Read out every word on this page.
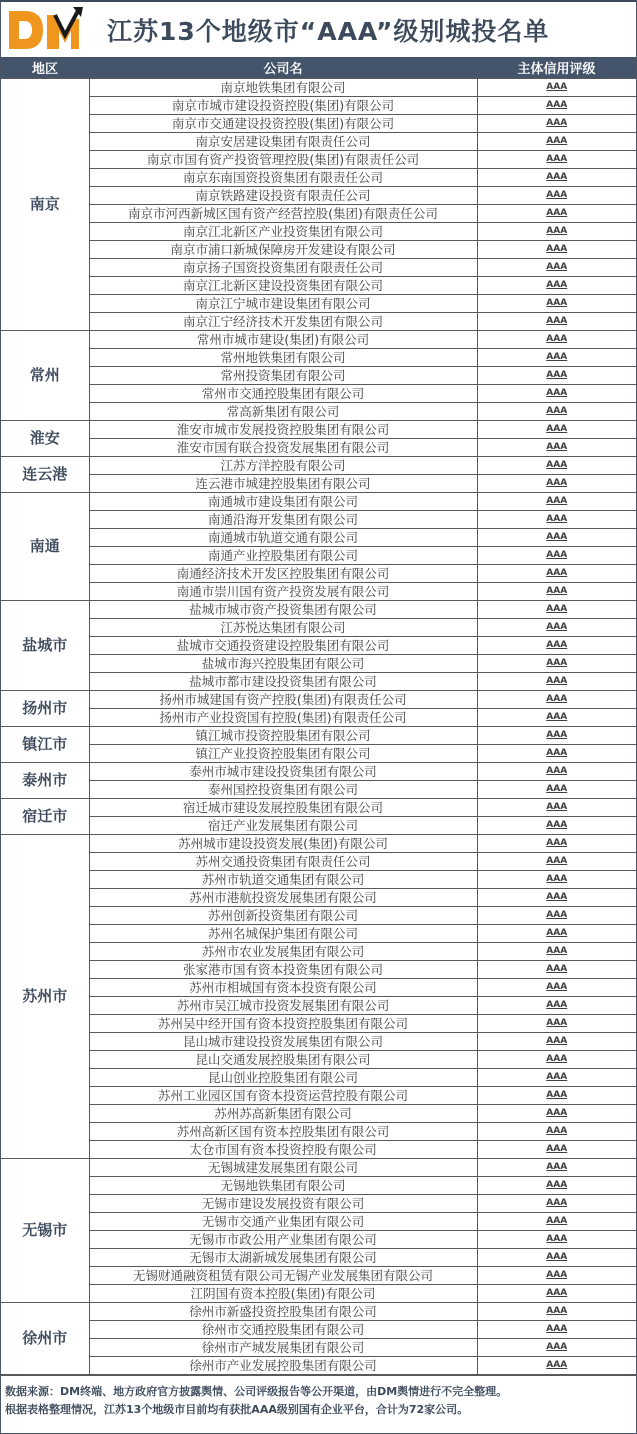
江苏13个地级市“AAA”级别城投名单
地区	公司名	主体信用评级
南京	南京地铁集团有限公司	AAA
	南京市城市建设投资控股(集团)有限公司	AAA
	南京市交通建设投资控股(集团)有限公司	AAA
	南京安居建设集团有限责任公司	AAA
	南京市国有资产投资管理控股(集团)有限责任公司	AAA
	南京东南国资投资集团有限责任公司	AAA
	南京铁路建设投资有限责任公司	AAA
	南京市河西新城区国有资产经营控股(集团)有限责任公司	AAA
	南京江北新区产业投资集团有限公司	AAA
	南京市浦口新城保障房开发建设有限公司	AAA
	南京扬子国资投资集团有限责任公司	AAA
	南京江北新区建设投资集团有限公司	AAA
	南京江宁城市建设集团有限公司	AAA
	南京江宁经济技术开发集团有限公司	AAA
常州	常州市城市建设(集团)有限公司	AAA
	常州地铁集团有限公司	AAA
	常州投资集团有限公司	AAA
	常州市交通控股集团有限公司	AAA
	常高新集团有限公司	AAA
淮安	淮安市城市发展投资控股集团有限公司	AAA
	淮安市国有联合投资发展集团有限公司	AAA
连云港	江苏方洋控股有限公司	AAA
	连云港市城建控股集团有限公司	AAA
南通	南通城市建设集团有限公司	AAA
	南通沿海开发集团有限公司	AAA
	南通城市轨道交通有限公司	AAA
	南通产业控股集团有限公司	AAA
	南通经济技术开发区控股集团有限公司	AAA
	南通市崇川国有资产投资发展有限公司	AAA
盐城市	盐城市城市资产投资集团有限公司	AAA
	江苏悦达集团有限公司	AAA
	盐城市交通投资建设控股集团有限公司	AAA
	盐城市海兴控股集团有限公司	AAA
	盐城市都市建设投资集团有限公司	AAA
扬州市	扬州市城建国有资产控股(集团)有限责任公司	AAA
	扬州市产业投资国有控股(集团)有限责任公司	AAA
镇江市	镇江城市投资控股集团有限公司	AAA
	镇江产业投资控股集团有限公司	AAA
泰州市	泰州市城市建设投资集团有限公司	AAA
	泰州国控投资集团有限公司	AAA
宿迁市	宿迁城市建设发展控股集团有限公司	AAA
	宿迁产业发展集团有限公司	AAA
苏州市	苏州城市建设投资发展(集团)有限公司	AAA
	苏州交通投资集团有限责任公司	AAA
	苏州市轨道交通集团有限公司	AAA
	苏州市港航投资发展集团有限公司	AAA
	苏州创新投资集团有限公司	AAA
	苏州名城保护集团有限公司	AAA
	苏州市农业发展集团有限公司	AAA
	张家港市国有资本投资集团有限公司	AAA
	苏州市相城国有资本投资有限公司	AAA
	苏州市吴江城市投资发展集团有限公司	AAA
	苏州吴中经开国有资本投资控股集团有限公司	AAA
	昆山城市建设投资发展集团有限公司	AAA
	昆山交通发展控股集团有限公司	AAA
	昆山创业控股集团有限公司	AAA
	苏州工业园区国有资本投资运营控股有限公司	AAA
	苏州苏高新集团有限公司	AAA
	苏州高新区国有资本控股集团有限公司	AAA
	太仓市国有资本投资控股有限公司	AAA
无锡市	无锡城建发展集团有限公司	AAA
	无锡地铁集团有限公司	AAA
	无锡市建设发展投资有限公司	AAA
	无锡市交通产业集团有限公司	AAA
	无锡市市政公用产业集团有限公司	AAA
	无锡市太湖新城发展集团有限公司	AAA
	无锡财通融资租赁有限公司无锡产业发展集团有限公司	AAA
	江阴国有资本控股(集团)有限公司	AAA
徐州市	徐州市新盛投资控股集团有限公司	AAA
	徐州市交通控股集团有限公司	AAA
	徐州市产城发展集团有限公司	AAA
	徐州市产业发展控股集团有限公司	AAA
数据来源：DM终端、地方政府官方披露舆情、公司评级报告等公开渠道，由DM舆情进行不完全整理。
根据表格整理情况，江苏13个地级市目前均有获批AAA级别国有企业平台，合计为72家公司。
